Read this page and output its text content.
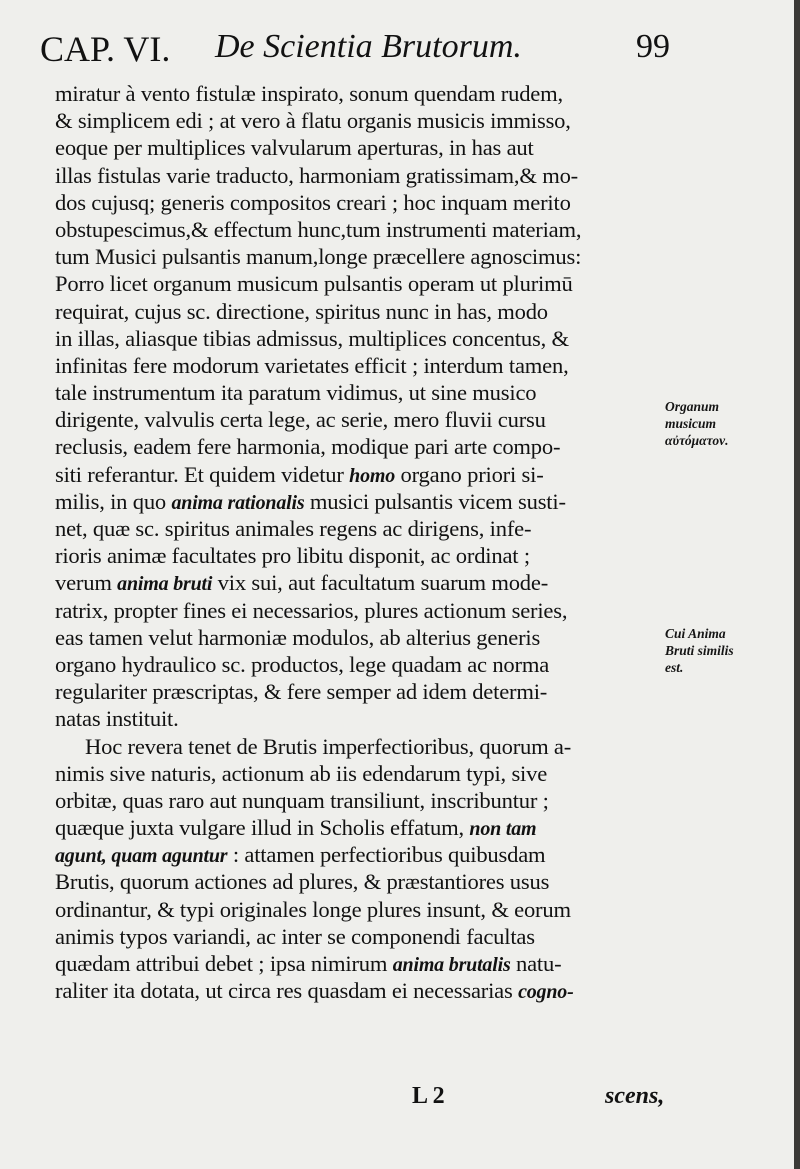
CAP. VI. De Scientia Brutorum.	99
miratur à vento fistulæ inspirato, sonum quendam rudem,
& simplicem edi ; at vero à flatu organis musicis immisso,
eoque per multiplices valvularum aperturas, in has aut
illas fistulas varie traducto, harmoniam gratissimam,& mo-
dos cujusq; generis compositos creari ; hoc inquam merito
obstupescimus,& effectum hunc,tum instrumenti materiam,
tum Musici pulsantis manum,longe præcellere agnoscimus:
Porro licet organum musicum pulsantis operam ut plurimū
requirat, cujus sc. directione, spiritus nunc in has, modo
in illas, aliasque tibias admissus, multiplices concentus, &
infinitas fere modorum varietates efficit ; interdum tamen,
tale instrumentum ita paratum vidimus, ut sine musico
dirigente, valvulis certa lege, ac serie, mero fluvii cursu
reclusis, eadem fere harmonia, modique pari arte compo-
siti referantur. Et quidem videtur homo organo priori si-
milis, in quo anima rationalis musici pulsantis vicem susti-
net, quæ sc. spiritus animales regens ac dirigens, infe-
rioris animæ facultates pro libitu disponit, ac ordinat ;
verum anima bruti vix sui, aut facultatum suarum mode-
ratrix, propter fines ei necessarios, plures actionum series,
eas tamen velut harmoniæ modulos, ab alterius generis
organo hydraulico sc. productos, lege quadam ac norma
regulariter præscriptas, & fere semper ad idem determi-
natas instituit.
Hoc revera tenet de Brutis imperfectioribus, quorum a-
nimis sive naturis, actionum ab iis edendarum typi, sive
orbitæ, quas raro aut nunquam transiliunt, inscribuntur ;
quæque juxta vulgare illud in Scholis effatum, non tam
agunt, quam aguntur : attamen perfectioribus quibusdam
Brutis, quorum actiones ad plures, & præstantiores usus
ordinantur, & typi originales longe plures insunt, & eorum
animis typos variandi, ac inter se componendi facultas
quædam attribui debet ; ipsa nimirum anima brutalis natu-
raliter ita dotata, ut circa res quasdam ei necessarias cogno-
Organum
musicum
αὐτόματον.
Cui Anima
Bruti similis
est.
L 2	scens,
